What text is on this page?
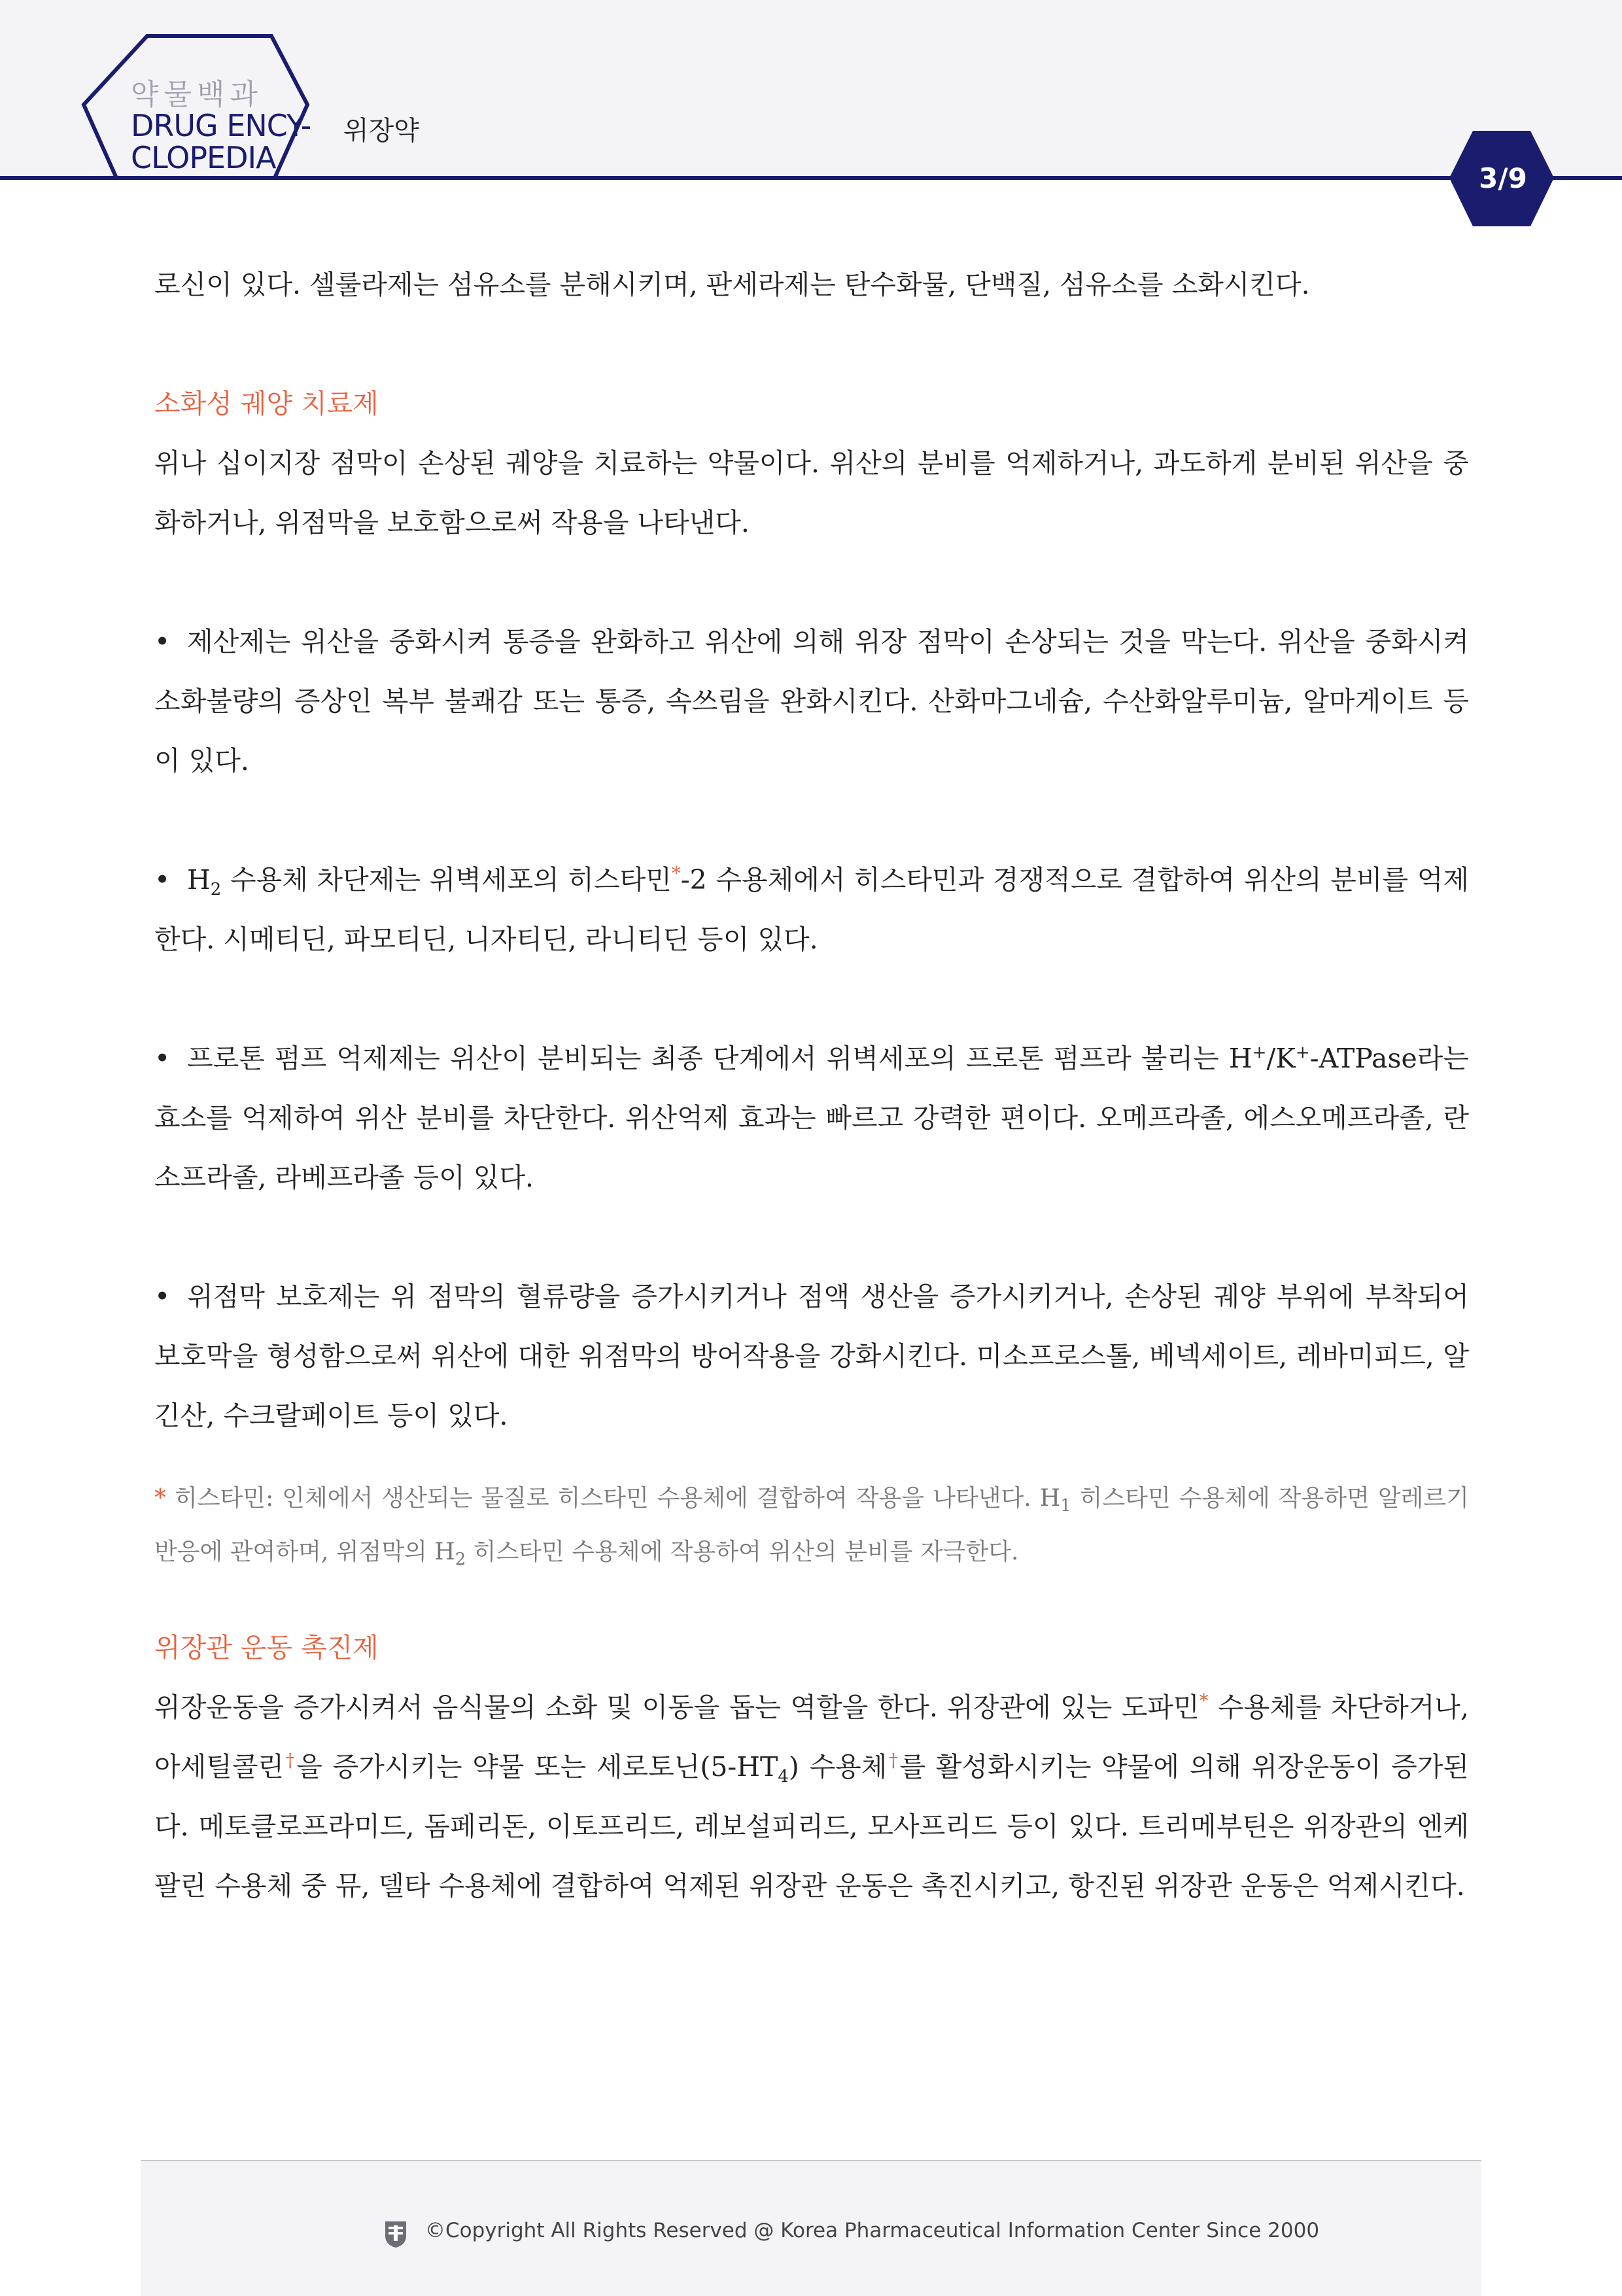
약물백과
DRUG ENCY-
CLOPEDIA
위장약
3/9

로신이 있다. 셀룰라제는 섬유소를 분해시키며, 판세라제는 탄수화물, 단백질, 섬유소를 소화시킨다.

소화성 궤양 치료제

위나 십이지장 점막이 손상된 궤양을 치료하는 약물이다. 위산의 분비를 억제하거나, 과도하게 분비된 위산을 중화하거나, 위점막을 보호함으로써 작용을 나타낸다.

• 제산제는 위산을 중화시켜 통증을 완화하고 위산에 의해 위장 점막이 손상되는 것을 막는다. 위산을 중화시켜 소화불량의 증상인 복부 불쾌감 또는 통증, 속쓰림을 완화시킨다. 산화마그네슘, 수산화알루미늄, 알마게이트 등이 있다.

• $H_2$ 수용체 차단제는 위벽세포의 히스타민*-2 수용체에서 히스타민과 경쟁적으로 결합하여 위산의 분비를 억제한다. 시메티딘, 파모티딘, 니자티딘, 라니티딘 등이 있다.

• 프로톤 펌프 억제제는 위산이 분비되는 최종 단계에서 위벽세포의 프로톤 펌프라 불리는 H+/K+-ATPase라는 효소를 억제하여 위산 분비를 차단한다. 위산억제 효과는 빠르고 강력한 편이다. 오메프라졸, 에스오메프라졸, 란소프라졸, 라베프라졸 등이 있다.

• 위점막 보호제는 위 점막의 혈류량을 증가시키거나 점액 생산을 증가시키거나, 손상된 궤양 부위에 부착되어 보호막을 형성함으로써 위산에 대한 위점막의 방어작용을 강화시킨다. 미소프로스톨, 베넥세이트, 레바미피드, 알긴산, 수크랄페이트 등이 있다.

* 히스타민: 인체에서 생산되는 물질로 히스타민 수용체에 결합하여 작용을 나타낸다. $H_1$ 히스타민 수용체에 작용하면 알레르기 반응에 관여하며, 위점막의 $H_2$ 히스타민 수용체에 작용하여 위산의 분비를 자극한다.

위장관 운동 촉진제

위장운동을 증가시켜서 음식물의 소화 및 이동을 돕는 역할을 한다. 위장관에 있는 도파민* 수용체를 차단하거나, 아세틸콜린†을 증가시키는 약물 또는 세로토닌$(5-HT_4)$ 수용체†를 활성화시키는 약물에 의해 위장운동이 증가된다. 메토클로프라미드, 돔페리돈, 이토프리드, 레보설피리드, 모사프리드 등이 있다. 트리메부틴은 위장관의 엔케팔린 수용체 중 뮤, 델타 수용체에 결합하여 억제된 위장관 운동은 촉진시키고, 항진된 위장관 운동은 억제시킨다.

©Copyright All Rights Reserved @ Korea Pharmaceutical Information Center Since 2000
